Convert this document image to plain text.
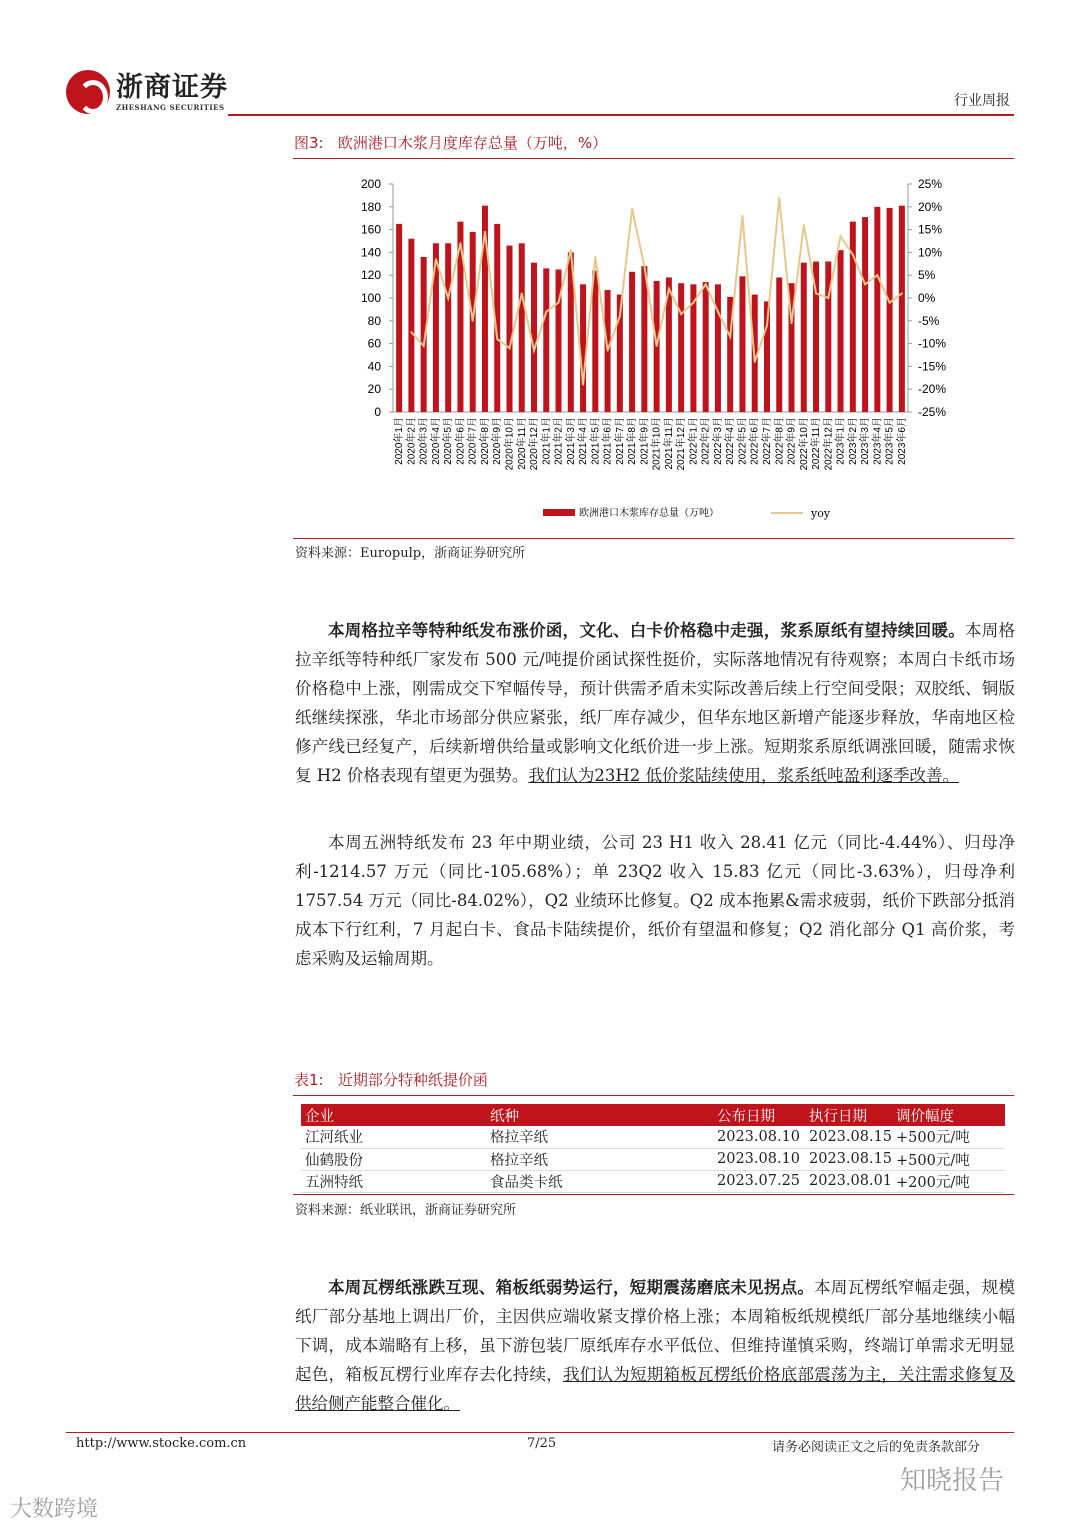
浙商证券
ZHESHANG SECURITIES	行业周报
图3: 欧洲港口木浆月度库存总量（万吨，%）
0
20
40
60
80
100
120
140
160
180
200
-25%
-20%
-15%
-10%
-5%
0%
5%
10%
15%
20%
25%
2020年1月 2020年2月 2020年3月 2020年4月 2020年5月 2020年6月 2020年7月 2020年8月 2020年9月 2020年10月 2020年11月 2020年12月 2021年1月 2021年2月 2021年3月 2021年4月 2021年5月 2021年6月 2021年7月 2021年8月 2021年9月 2021年10月 2021年11月 2021年12月 2022年1月 2022年2月 2022年3月 2022年4月 2022年5月 2022年6月 2022年7月 2022年8月 2022年9月 2022年10月 2022年11月 2022年12月 2023年1月 2023年2月 2023年3月 2023年4月 2023年5月 2023年6月
欧洲港口木浆库存总量（万吨）	yoy
资料来源：Europulp，浙商证券研究所
本周格拉辛等特种纸发布涨价函，文化、白卡价格稳中走强，浆系原纸有望持续回暖。本周格拉辛纸等特种纸厂家发布 500 元/吨提价函试探性挺价，实际落地情况有待观察；本周白卡纸市场价格稳中上涨，刚需成交下窄幅传导，预计供需矛盾未实际改善后续上行空间受限；双胶纸、铜版纸继续探涨，华北市场部分供应紧张，纸厂库存减少，但华东地区新增产能逐步释放，华南地区检修产线已经复产，后续新增供给量或影响文化纸价进一步上涨。短期浆系原纸调涨回暖，随需求恢复 H2 价格表现有望更为强势。我们认为23H2 低价浆陆续使用，浆系纸吨盈利逐季改善。
本周五洲特纸发布 23 年中期业绩，公司 23 H1 收入 28.41 亿元（同比-4.44%）、归母净利-1214.57 万元（同比-105.68%）；单 23Q2 收入 15.83 亿元（同比-3.63%），归母净利 1757.54 万元（同比-84.02%），Q2 业绩环比修复。Q2 成本拖累&需求疲弱，纸价下跌部分抵消成本下行红利，7 月起白卡、食品卡陆续提价，纸价有望温和修复；Q2 消化部分 Q1 高价浆，考虑采购及运输周期。
表1: 近期部分特种纸提价函
企业	纸种	公布日期	执行日期	调价幅度
江河纸业	格拉辛纸	2023.08.10	2023.08.15	+500元/吨
仙鹤股份	格拉辛纸	2023.08.10	2023.08.15	+500元/吨
五洲特纸	食品类卡纸	2023.07.25	2023.08.01	+200元/吨
资料来源：纸业联讯，浙商证券研究所
本周瓦楞纸涨跌互现、箱板纸弱势运行，短期震荡磨底未见拐点。本周瓦楞纸窄幅走强，规模纸厂部分基地上调出厂价，主因供应端收紧支撑价格上涨；本周箱板纸规模纸厂部分基地继续小幅下调，成本端略有上移，虽下游包装厂原纸库存水平低位、但维持谨慎采购，终端订单需求无明显起色，箱板瓦楞行业库存去化持续，我们认为短期箱板瓦楞纸价格底部震荡为主，关注需求修复及供给侧产能整合催化。
http://www.stocke.com.cn	7/25	请务必阅读正文之后的免责条款部分
知晓报告
大数跨境
